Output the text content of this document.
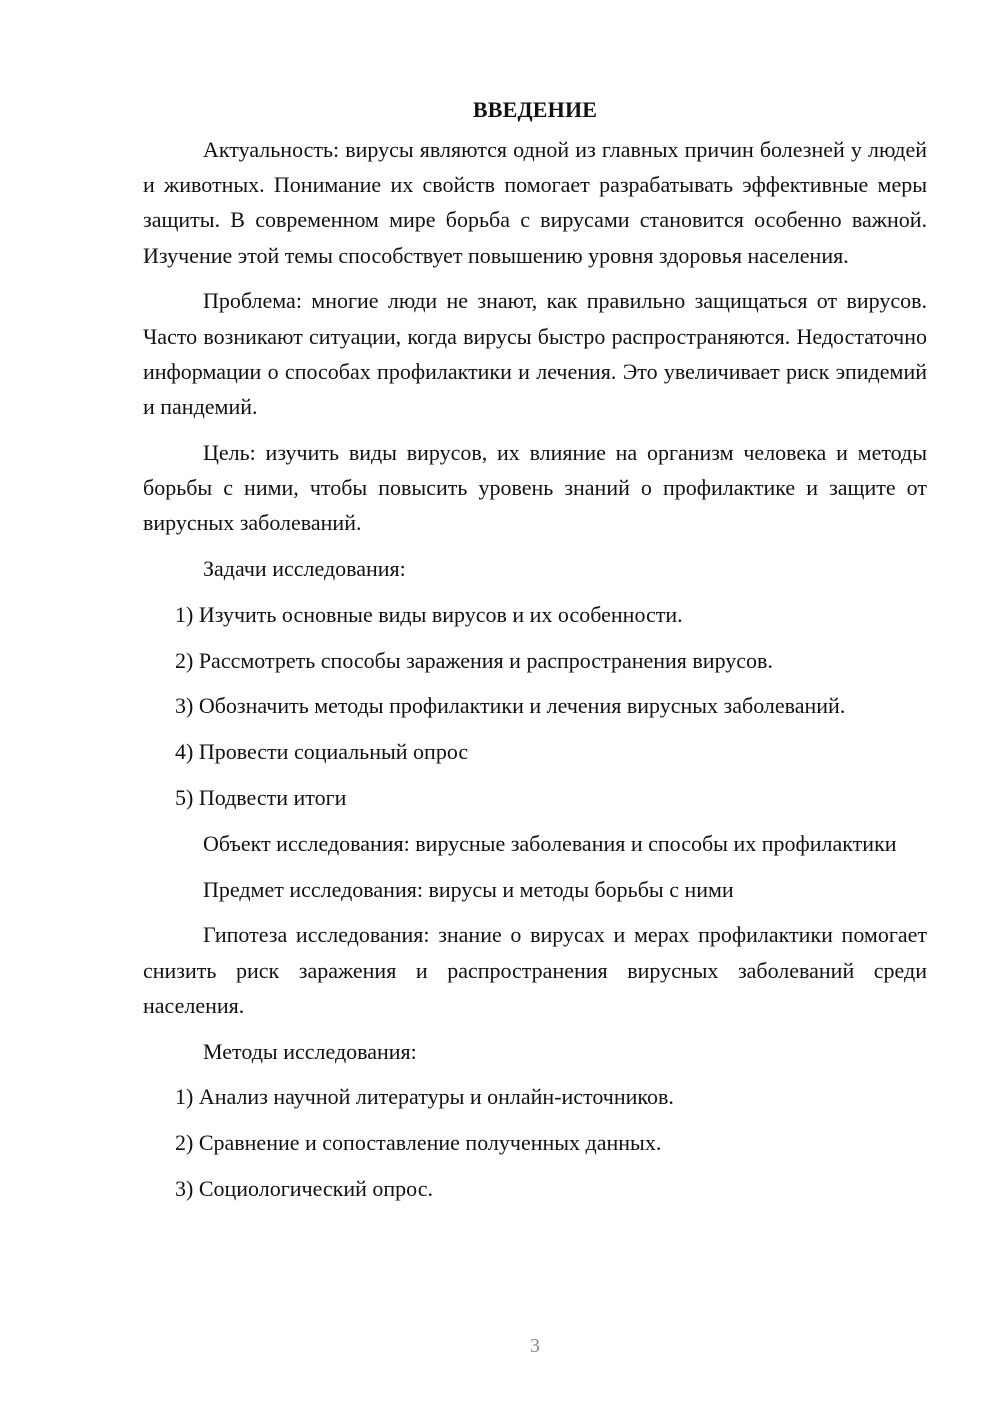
ВВЕДЕНИЕ

Актуальность: вирусы являются одной из главных причин болезней у людей и животных. Понимание их свойств помогает разрабатывать эффективные меры защиты. В современном мире борьба с вирусами становится особенно важной. Изучение этой темы способствует повышению уровня здоровья населения.

Проблема: многие люди не знают, как правильно защищаться от вирусов. Часто возникают ситуации, когда вирусы быстро распространяются. Недостаточно информации о способах профилактики и лечения. Это увеличивает риск эпидемий и пандемий.

Цель: изучить виды вирусов, их влияние на организм человека и методы борьбы с ними, чтобы повысить уровень знаний о профилактике и защите от вирусных заболеваний.

Задачи исследования:

1) Изучить основные виды вирусов и их особенности.

2) Рассмотреть способы заражения и распространения вирусов.

3) Обозначить методы профилактики и лечения вирусных заболеваний.

4) Провести социальный опрос

5) Подвести итоги

Объект исследования: вирусные заболевания и способы их профилактики

Предмет исследования: вирусы и методы борьбы с ними

Гипотеза исследования: знание о вирусах и мерах профилактики помогает снизить риск заражения и распространения вирусных заболеваний среди населения.

Методы исследования:

1) Анализ научной литературы и онлайн-источников.

2) Сравнение и сопоставление полученных данных.

3) Социологический опрос.

3
